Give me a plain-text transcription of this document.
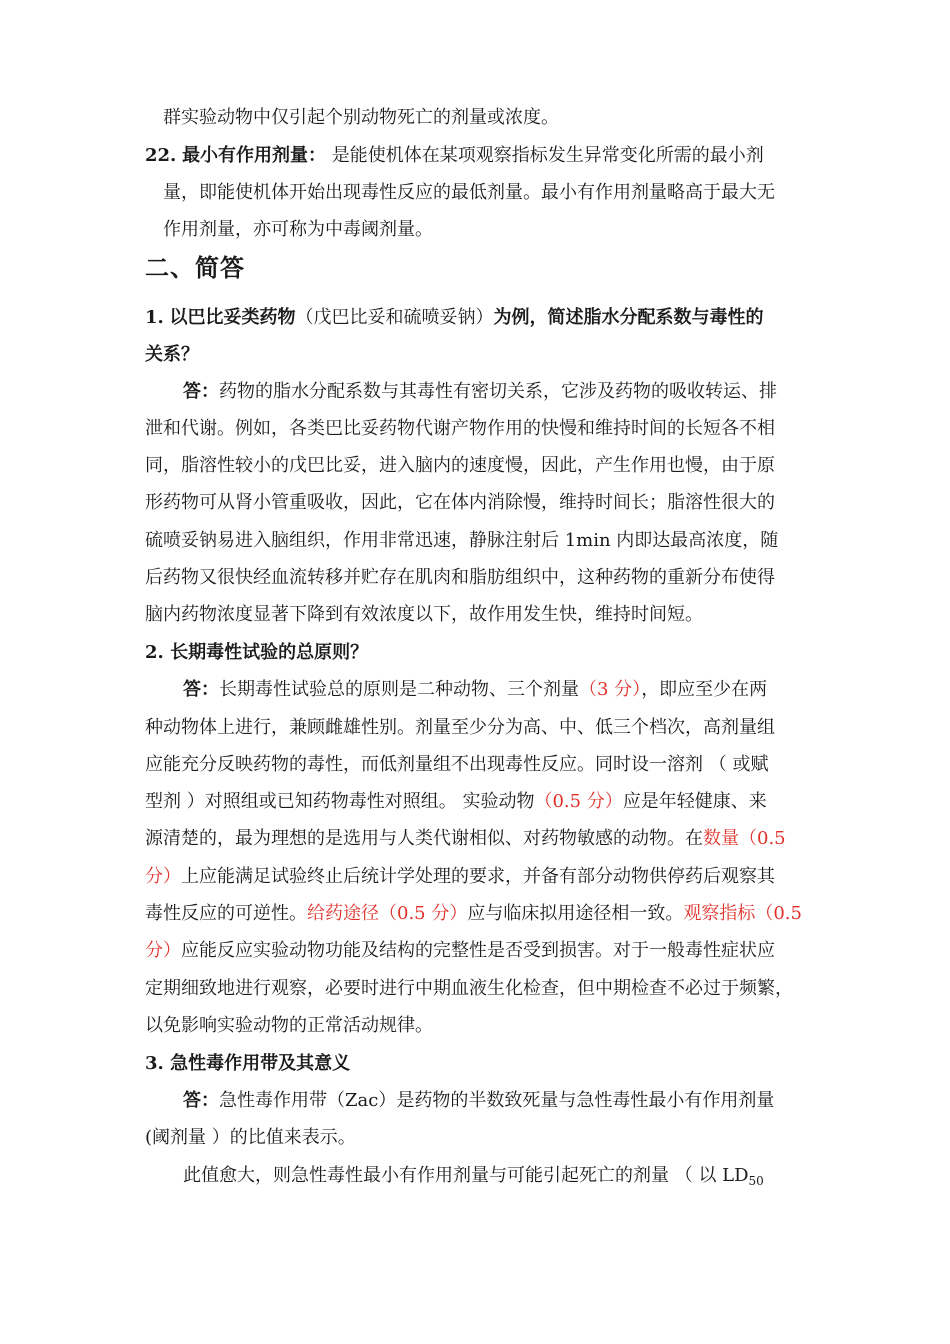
群实验动物中仅引起个别动物死亡的剂量或浓度。
22. 最小有作用剂量： 是能使机体在某项观察指标发生异常变化所需的最小剂
量，即能使机体开始出现毒性反应的最低剂量。最小有作用剂量略高于最大无
作用剂量，亦可称为中毒阈剂量。
二、简答
1. 以巴比妥类药物（戊巴比妥和硫喷妥钠）为例，简述脂水分配系数与毒性的
关系？
答：药物的脂水分配系数与其毒性有密切关系，它涉及药物的吸收转运、排
泄和代谢。例如，各类巴比妥药物代谢产物作用的快慢和维持时间的长短各不相
同，脂溶性较小的戊巴比妥，进入脑内的速度慢，因此，产生作用也慢，由于原
形药物可从肾小管重吸收，因此，它在体内消除慢，维持时间长；脂溶性很大的
硫喷妥钠易进入脑组织，作用非常迅速，静脉注射后 1min 内即达最高浓度，随
后药物又很快经血流转移并贮存在肌肉和脂肪组织中，这种药物的重新分布使得
脑内药物浓度显著下降到有效浓度以下，故作用发生快，维持时间短。
2. 长期毒性试验的总原则？
答：长期毒性试验总的原则是二种动物、三个剂量（3 分），即应至少在两
种动物体上进行，兼顾雌雄性别。剂量至少分为高、中、低三个档次，高剂量组
应能充分反映药物的毒性，而低剂量组不出现毒性反应。同时设一溶剂 （ 或赋
型剂 ）对照组或已知药物毒性对照组。 实验动物（0.5 分）应是年轻健康、来
源清楚的，最为理想的是选用与人类代谢相似、对药物敏感的动物。在数量（0.5
分）上应能满足试验终止后统计学处理的要求，并备有部分动物供停药后观察其
毒性反应的可逆性。给药途径（0.5 分）应与临床拟用途径相一致。观察指标（0.5
分）应能反应实验动物功能及结构的完整性是否受到损害。对于一般毒性症状应
定期细致地进行观察，必要时进行中期血液生化检查，但中期检查不必过于频繁，
以免影响实验动物的正常活动规律。
3. 急性毒作用带及其意义
答：急性毒作用带（Zac）是药物的半数致死量与急性毒性最小有作用剂量
(阈剂量 ）的比值来表示。
此值愈大，则急性毒性最小有作用剂量与可能引起死亡的剂量 （ 以 $LD_{50}$
